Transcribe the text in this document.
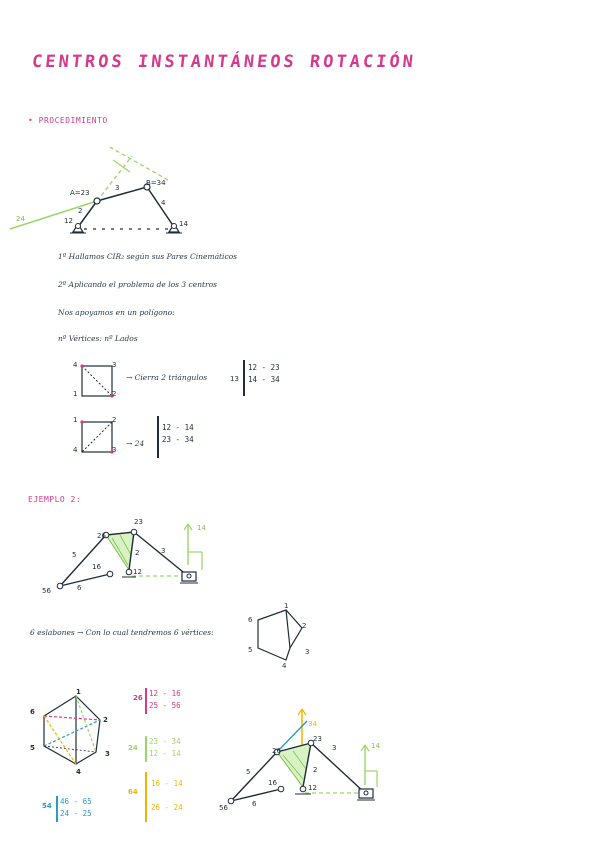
CENTROS INSTANTÁNEOS ROTACIÓN
• PROCEDIMIENTO
A=23
B=34
3
2
4
12	14
24
1º Hallamos CIR₂ según sus Pares Cinemáticos
2º Aplicando el problema de los 3 centros
Nos apoyamos en un polígono:
nº Vértices: nº Lados
4	3
1	2
→ Cierra 2 triángulos	13
12 - 23
14 - 34
1	2
4	3
→ 24
12 - 14
23 - 34
EJEMPLO 2:
23
26
16
12
56
14
5
6
2	3
6 eslabones → Con lo cual tendremos 6 vértices:
1
2
3
4
5
6
1
2
3
4
5
6
26 12 - 16
25 - 56
24
23 - 34
12 - 14
64
16 - 14
26 - 24
54 46 - 65
24 - 25
34
23
26
16
12
56
14
5
6
2
3
